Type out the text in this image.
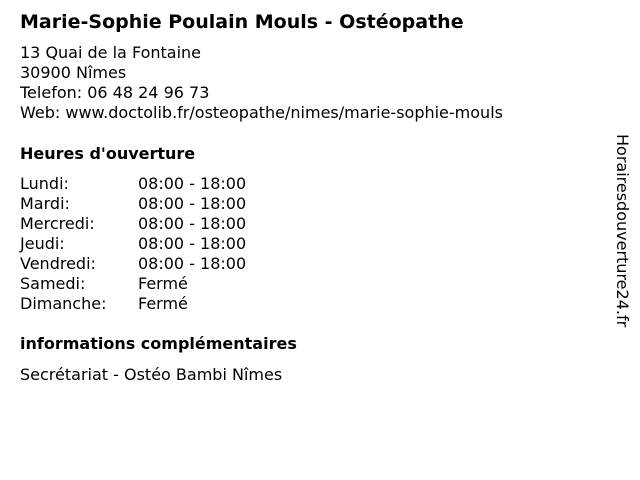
Marie-Sophie Poulain Mouls - Ostéopathe
13 Quai de la Fontaine
30900 Nîmes
Telefon: 06 48 24 96 73
Web: www.doctolib.fr/osteopathe/nimes/marie-sophie-mouls
Heures d'ouverture
Lundi:	08:00 - 18:00
Mardi:	08:00 - 18:00
Mercredi:	08:00 - 18:00
Jeudi:	08:00 - 18:00
Vendredi:	08:00 - 18:00
Samedi:	Fermé
Dimanche: Fermé
informations complémentaires
Secrétariat - Ostéo Bambi Nîmes
Horairesdouverture24.fr
